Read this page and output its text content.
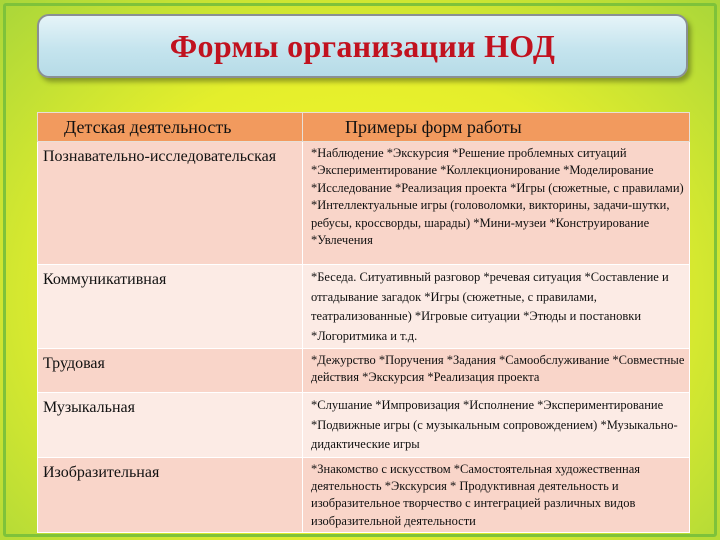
Формы организации НОД
Детская деятельность	Примеры форм работы
Познавательно-исследовательская	*Наблюдение *Экскурсия *Решение проблемных ситуаций *Экспериментирование *Коллекционирование *Моделирование *Исследование *Реализация проекта *Игры (сюжетные, с правилами) *Интеллектуальные игры (головоломки, викторины, задачи-шутки, ребусы, кроссворды, шарады) *Мини-музеи *Конструирование *Увлечения
Коммуникативная	*Беседа. Ситуативный разговор *речевая ситуация *Составление и отгадывание загадок *Игры (сюжетные, с правилами, театрализованные) *Игровые ситуации *Этюды и постановки *Логоритмика и т.д.
Трудовая	*Дежурство *Поручения *Задания *Самообслуживание *Совместные действия *Экскурсия *Реализация проекта
Музыкальная	*Слушание *Импровизация *Исполнение *Экспериментирование *Подвижные игры (с музыкальным сопровождением) *Музыкально-дидактические игры
Изобразительная	*Знакомство с искусством *Самостоятельная художественная деятельность *Экскурсия * Продуктивная деятельность и изобразительное творчество с интеграцией различных видов изобразительной деятельности
